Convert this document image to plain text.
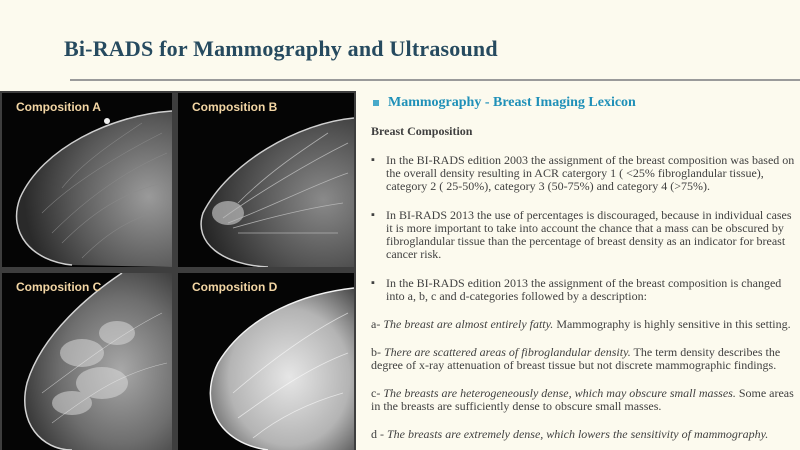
Bi-RADS for Mammography and Ultrasound
Composition A	Composition B
Composition C	Composition D
Mammography - Breast Imaging Lexicon
Breast Composition
▪ In the BI-RADS edition 2003 the assignment of the breast composition was based on the overall density resulting in ACR catergory 1 ( <25% fibroglandular tissue), category 2 ( 25-50%), category 3 (50-75%) and category 4 (>75%).
▪ In BI-RADS 2013 the use of percentages is discouraged, because in individual cases it is more important to take into account the chance that a mass can be obscured by fibroglandular tissue than the percentage of breast density as an indicator for breast cancer risk.
▪ In the BI-RADS edition 2013 the assignment of the breast composition is changed into a, b, c and d-categories followed by a description:
a- The breast are almost entirely fatty. Mammography is highly sensitive in this setting.
b- There are scattered areas of fibroglandular density. The term density describes the degree of x-ray attenuation of breast tissue but not discrete mammographic findings.
c- The breasts are heterogeneously dense, which may obscure small masses. Some areas in the breasts are sufficiently dense to obscure small masses.
d - The breasts are extremely dense, which lowers the sensitivity of mammography.
